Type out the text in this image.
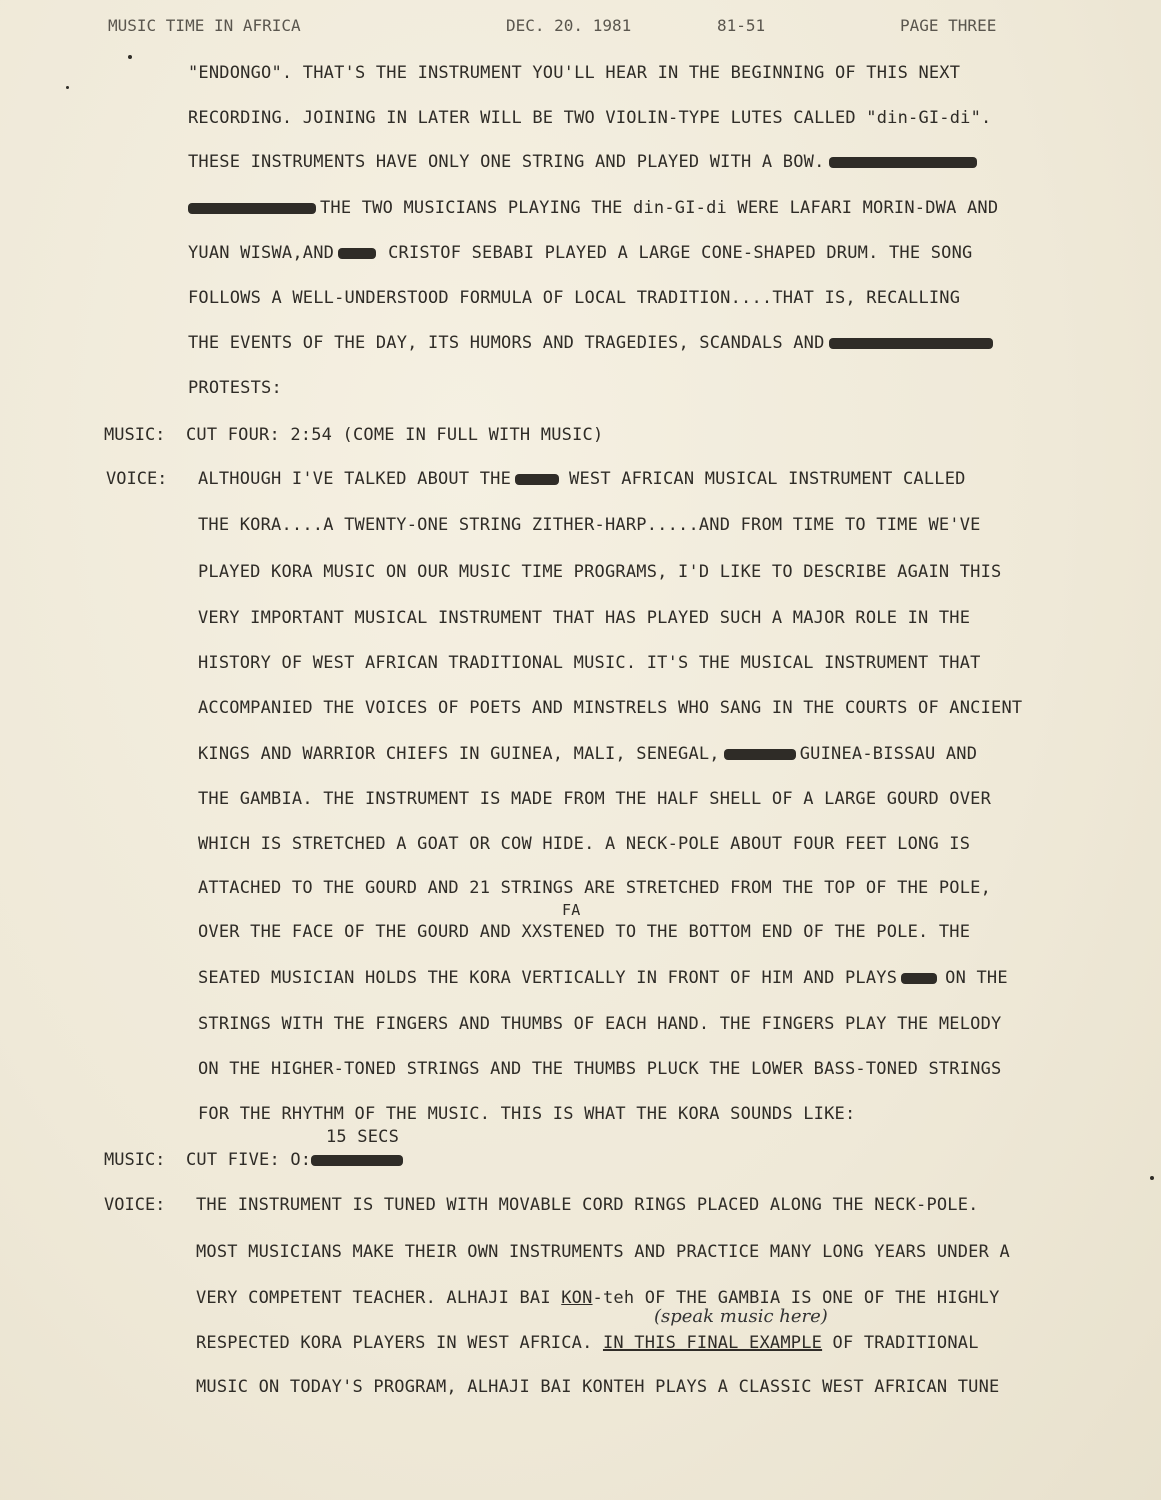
MUSIC TIME IN AFRICA	DEC. 20. 1981	81-51	PAGE THREE
"ENDONGO". THAT'S THE INSTRUMENT YOU'LL HEAR IN THE BEGINNING OF THIS NEXT
RECORDING. JOINING IN LATER WILL BE TWO VIOLIN-TYPE LUTES CALLED "din-GI-di".
THESE INSTRUMENTS HAVE ONLY ONE STRING AND PLAYED WITH A BOW.
THE TWO MUSICIANS PLAYING THE din-GI-di WERE LAFARI MORIN-DWA AND
YUAN WISWA,AND	CRISTOF SEBABI PLAYED A LARGE CONE-SHAPED DRUM. THE SONG
FOLLOWS A WELL-UNDERSTOOD FORMULA OF LOCAL TRADITION....THAT IS, RECALLING
THE EVENTS OF THE DAY, ITS HUMORS AND TRAGEDIES, SCANDALS AND
PROTESTS:
MUSIC: CUT FOUR: 2:54 (COME IN FULL WITH MUSIC)
VOICE: ALTHOUGH I'VE TALKED ABOUT THE	WEST AFRICAN MUSICAL INSTRUMENT CALLED
THE KORA....A TWENTY-ONE STRING ZITHER-HARP.....AND FROM TIME TO TIME WE'VE
PLAYED KORA MUSIC ON OUR MUSIC TIME PROGRAMS, I'D LIKE TO DESCRIBE AGAIN THIS
VERY IMPORTANT MUSICAL INSTRUMENT THAT HAS PLAYED SUCH A MAJOR ROLE IN THE
HISTORY OF WEST AFRICAN TRADITIONAL MUSIC. IT'S THE MUSICAL INSTRUMENT THAT
ACCOMPANIED THE VOICES OF POETS AND MINSTRELS WHO SANG IN THE COURTS OF ANCIENT
KINGS AND WARRIOR CHIEFS IN GUINEA, MALI, SENEGAL,	GUINEA-BISSAU AND
THE GAMBIA. THE INSTRUMENT IS MADE FROM THE HALF SHELL OF A LARGE GOURD OVER
WHICH IS STRETCHED A GOAT OR COW HIDE. A NECK-POLE ABOUT FOUR FEET LONG IS
ATTACHED TO THE GOURD AND 21 STRINGS ARE STRETCHED FROM THE TOP OF THE POLE,
FA
OVER THE FACE OF THE GOURD AND XXSTENED TO THE BOTTOM END OF THE POLE. THE
SEATED MUSICIAN HOLDS THE KORA VERTICALLY IN FRONT OF HIM AND PLAYS	ON THE
STRINGS WITH THE FINGERS AND THUMBS OF EACH HAND. THE FINGERS PLAY THE MELODY
ON THE HIGHER-TONED STRINGS AND THE THUMBS PLUCK THE LOWER BASS-TONED STRINGS
FOR THE RHYTHM OF THE MUSIC. THIS IS WHAT THE KORA SOUNDS LIKE:
15 SECS
MUSIC: CUT FIVE: O:
VOICE: THE INSTRUMENT IS TUNED WITH MOVABLE CORD RINGS PLACED ALONG THE NECK-POLE.
MOST MUSICIANS MAKE THEIR OWN INSTRUMENTS AND PRACTICE MANY LONG YEARS UNDER A
VERY COMPETENT TEACHER. ALHAJI BAI KON-teh OF THE GAMBIA IS ONE OF THE HIGHLY
(speak music here)
RESPECTED KORA PLAYERS IN WEST AFRICA. IN THIS FINAL EXAMPLE OF TRADITIONAL
MUSIC ON TODAY'S PROGRAM, ALHAJI BAI KONTEH PLAYS A CLASSIC WEST AFRICAN TUNE
